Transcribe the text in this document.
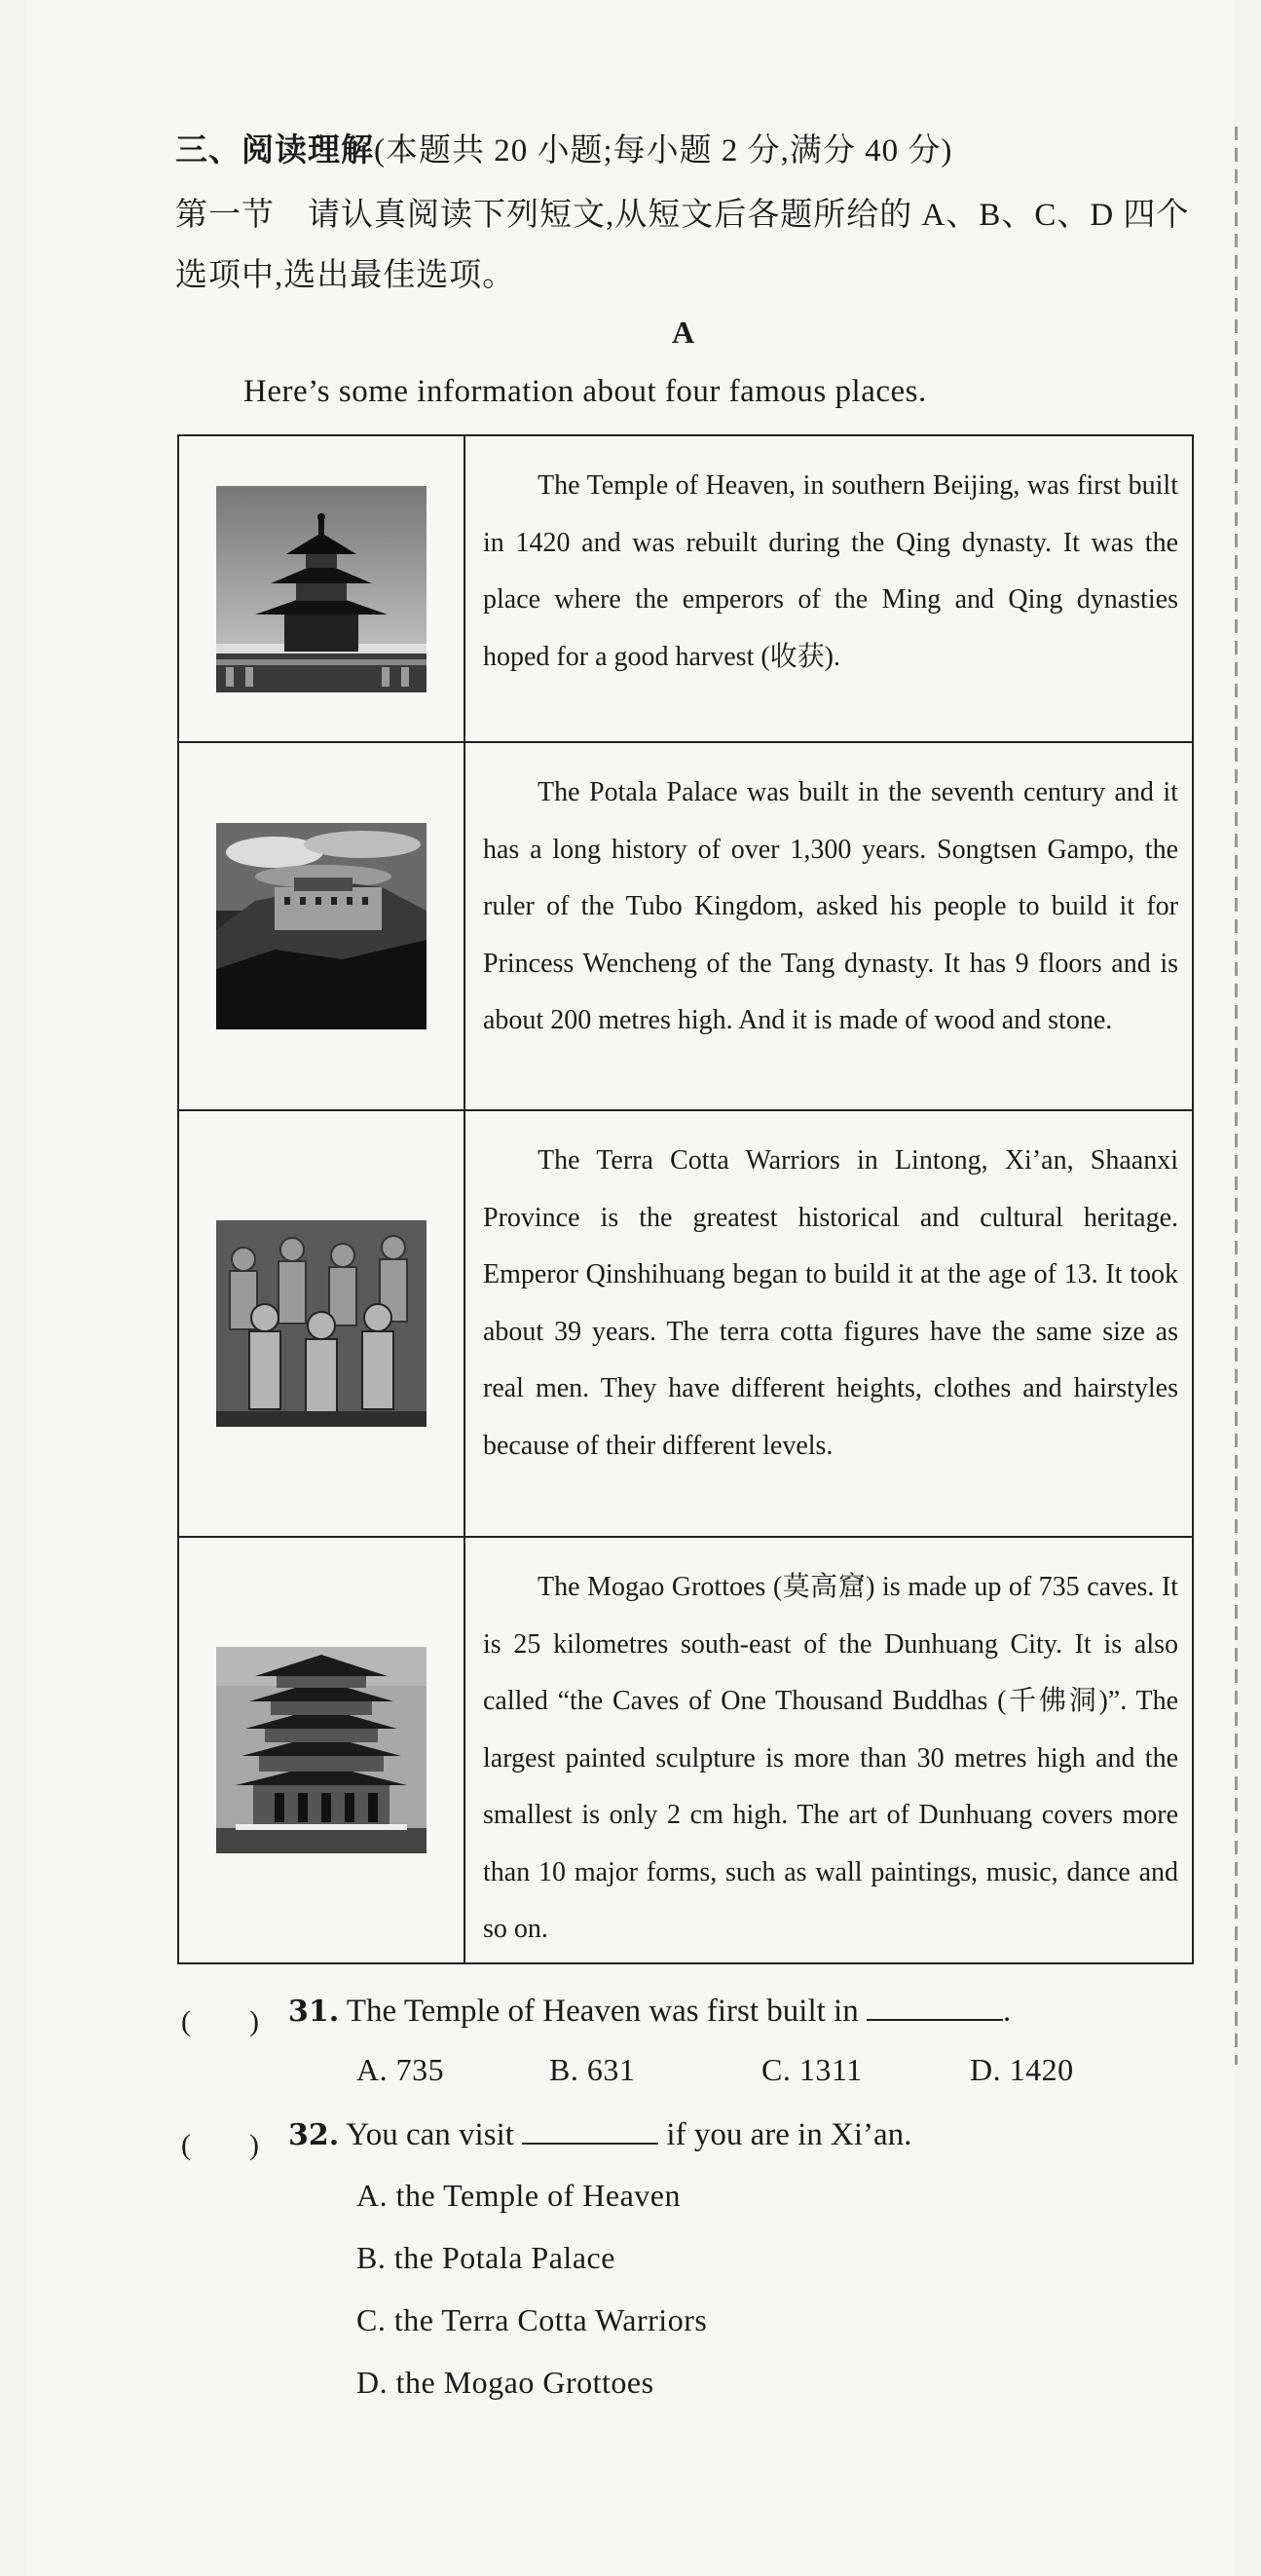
三、阅读理解(本题共 20 小题;每小题 2 分,满分 40 分)
第一节　请认真阅读下列短文,从短文后各题所给的 A、B、C、D 四个选项中,选出最佳选项。
A
Here’s some information about four famous places.
The Temple of Heaven, in southern Beijing, was first built in 1420 and was rebuilt during the Qing dynasty. It was the place where the emperors of the Ming and Qing dynasties hoped for a good harvest (收获).
The Potala Palace was built in the seventh century and it has a long history of over 1,300 years. Songtsen Gampo, the ruler of the Tubo Kingdom, asked his people to build it for Princess Wencheng of the Tang dynasty. It has 9 floors and is about 200 metres high. And it is made of wood and stone.
The Terra Cotta Warriors in Lintong, Xi’an, Shaanxi Province is the greatest historical and cultural heritage. Emperor Qinshihuang began to build it at the age of 13. It took about 39 years. The terra cotta figures have the same size as real men. They have different heights, clothes and hairstyles because of their different levels.
The Mogao Grottoes (莫高窟) is made up of 735 caves. It is 25 kilometres south-east of the Dunhuang City. It is also called “the Caves of One Thousand Buddhas (千佛洞)”. The largest painted sculpture is more than 30 metres high and the smallest is only 2 cm high. The art of Dunhuang covers more than 10 major forms, such as wall paintings, music, dance and so on.
(　　) 31. The Temple of Heaven was first built in	.
A. 735	B. 631	C. 1311	D. 1420
(　　) 32. You can visit	if you are in Xi’an.
A. the Temple of Heaven
B. the Potala Palace
C. the Terra Cotta Warriors
D. the Mogao Grottoes
